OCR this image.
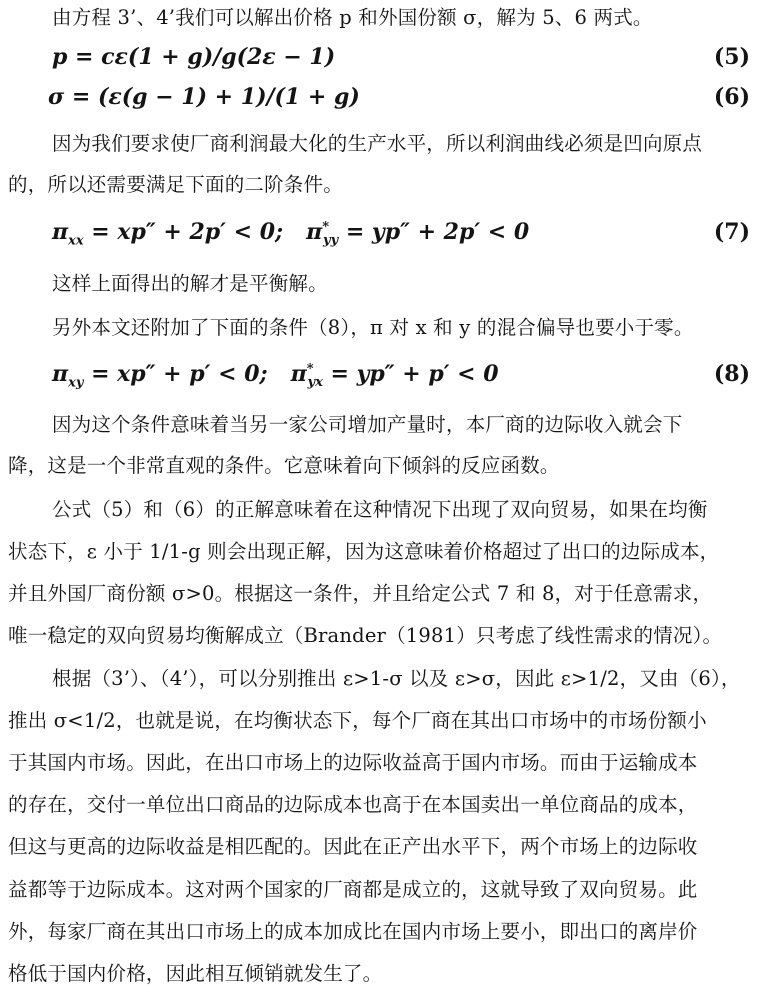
由方程 3’、4’我们可以解出价格 p 和外国份额 σ，解为 5、6 两式。
p = cε(1 + g)/g(2ε − 1)	(5)
σ = (ε(g − 1) + 1)/(1 + g)	(6)
因为我们要求使厂商利润最大化的生产水平，所以利润曲线必须是凹向原点
的，所以还需要满足下面的二阶条件。
$\pi_{xx} = xp'' + 2p' < 0$; $\pi^*_{yy} = yp'' + 2p' < 0$	(7)
这样上面得出的解才是平衡解。
另外本文还附加了下面的条件（8），π 对 x 和 y 的混合偏导也要小于零。
$\pi_{xy} = xp'' + p' < 0$; $\pi^*_{yx} = yp'' + p' < 0$	(8)
因为这个条件意味着当另一家公司增加产量时，本厂商的边际收入就会下
降，这是一个非常直观的条件。它意味着向下倾斜的反应函数。
公式（5）和（6）的正解意味着在这种情况下出现了双向贸易，如果在均衡
状态下，ε 小于 1/1-g 则会出现正解，因为这意味着价格超过了出口的边际成本，
并且外国厂商份额 σ>0。根据这一条件，并且给定公式 7 和 8，对于任意需求，
唯一稳定的双向贸易均衡解成立（Brander（1981）只考虑了线性需求的情况）。
根据（3’）、（4’），可以分别推出 ε>1-σ 以及 ε>σ，因此 ε>1/2，又由（6），
推出 σ<1/2，也就是说，在均衡状态下，每个厂商在其出口市场中的市场份额小
于其国内市场。因此，在出口市场上的边际收益高于国内市场。而由于运输成本
的存在，交付一单位出口商品的边际成本也高于在本国卖出一单位商品的成本，
但这与更高的边际收益是相匹配的。因此在正产出水平下，两个市场上的边际收
益都等于边际成本。这对两个国家的厂商都是成立的，这就导致了双向贸易。此
外，每家厂商在其出口市场上的成本加成比在国内市场上要小，即出口的离岸价
格低于国内价格，因此相互倾销就发生了。
